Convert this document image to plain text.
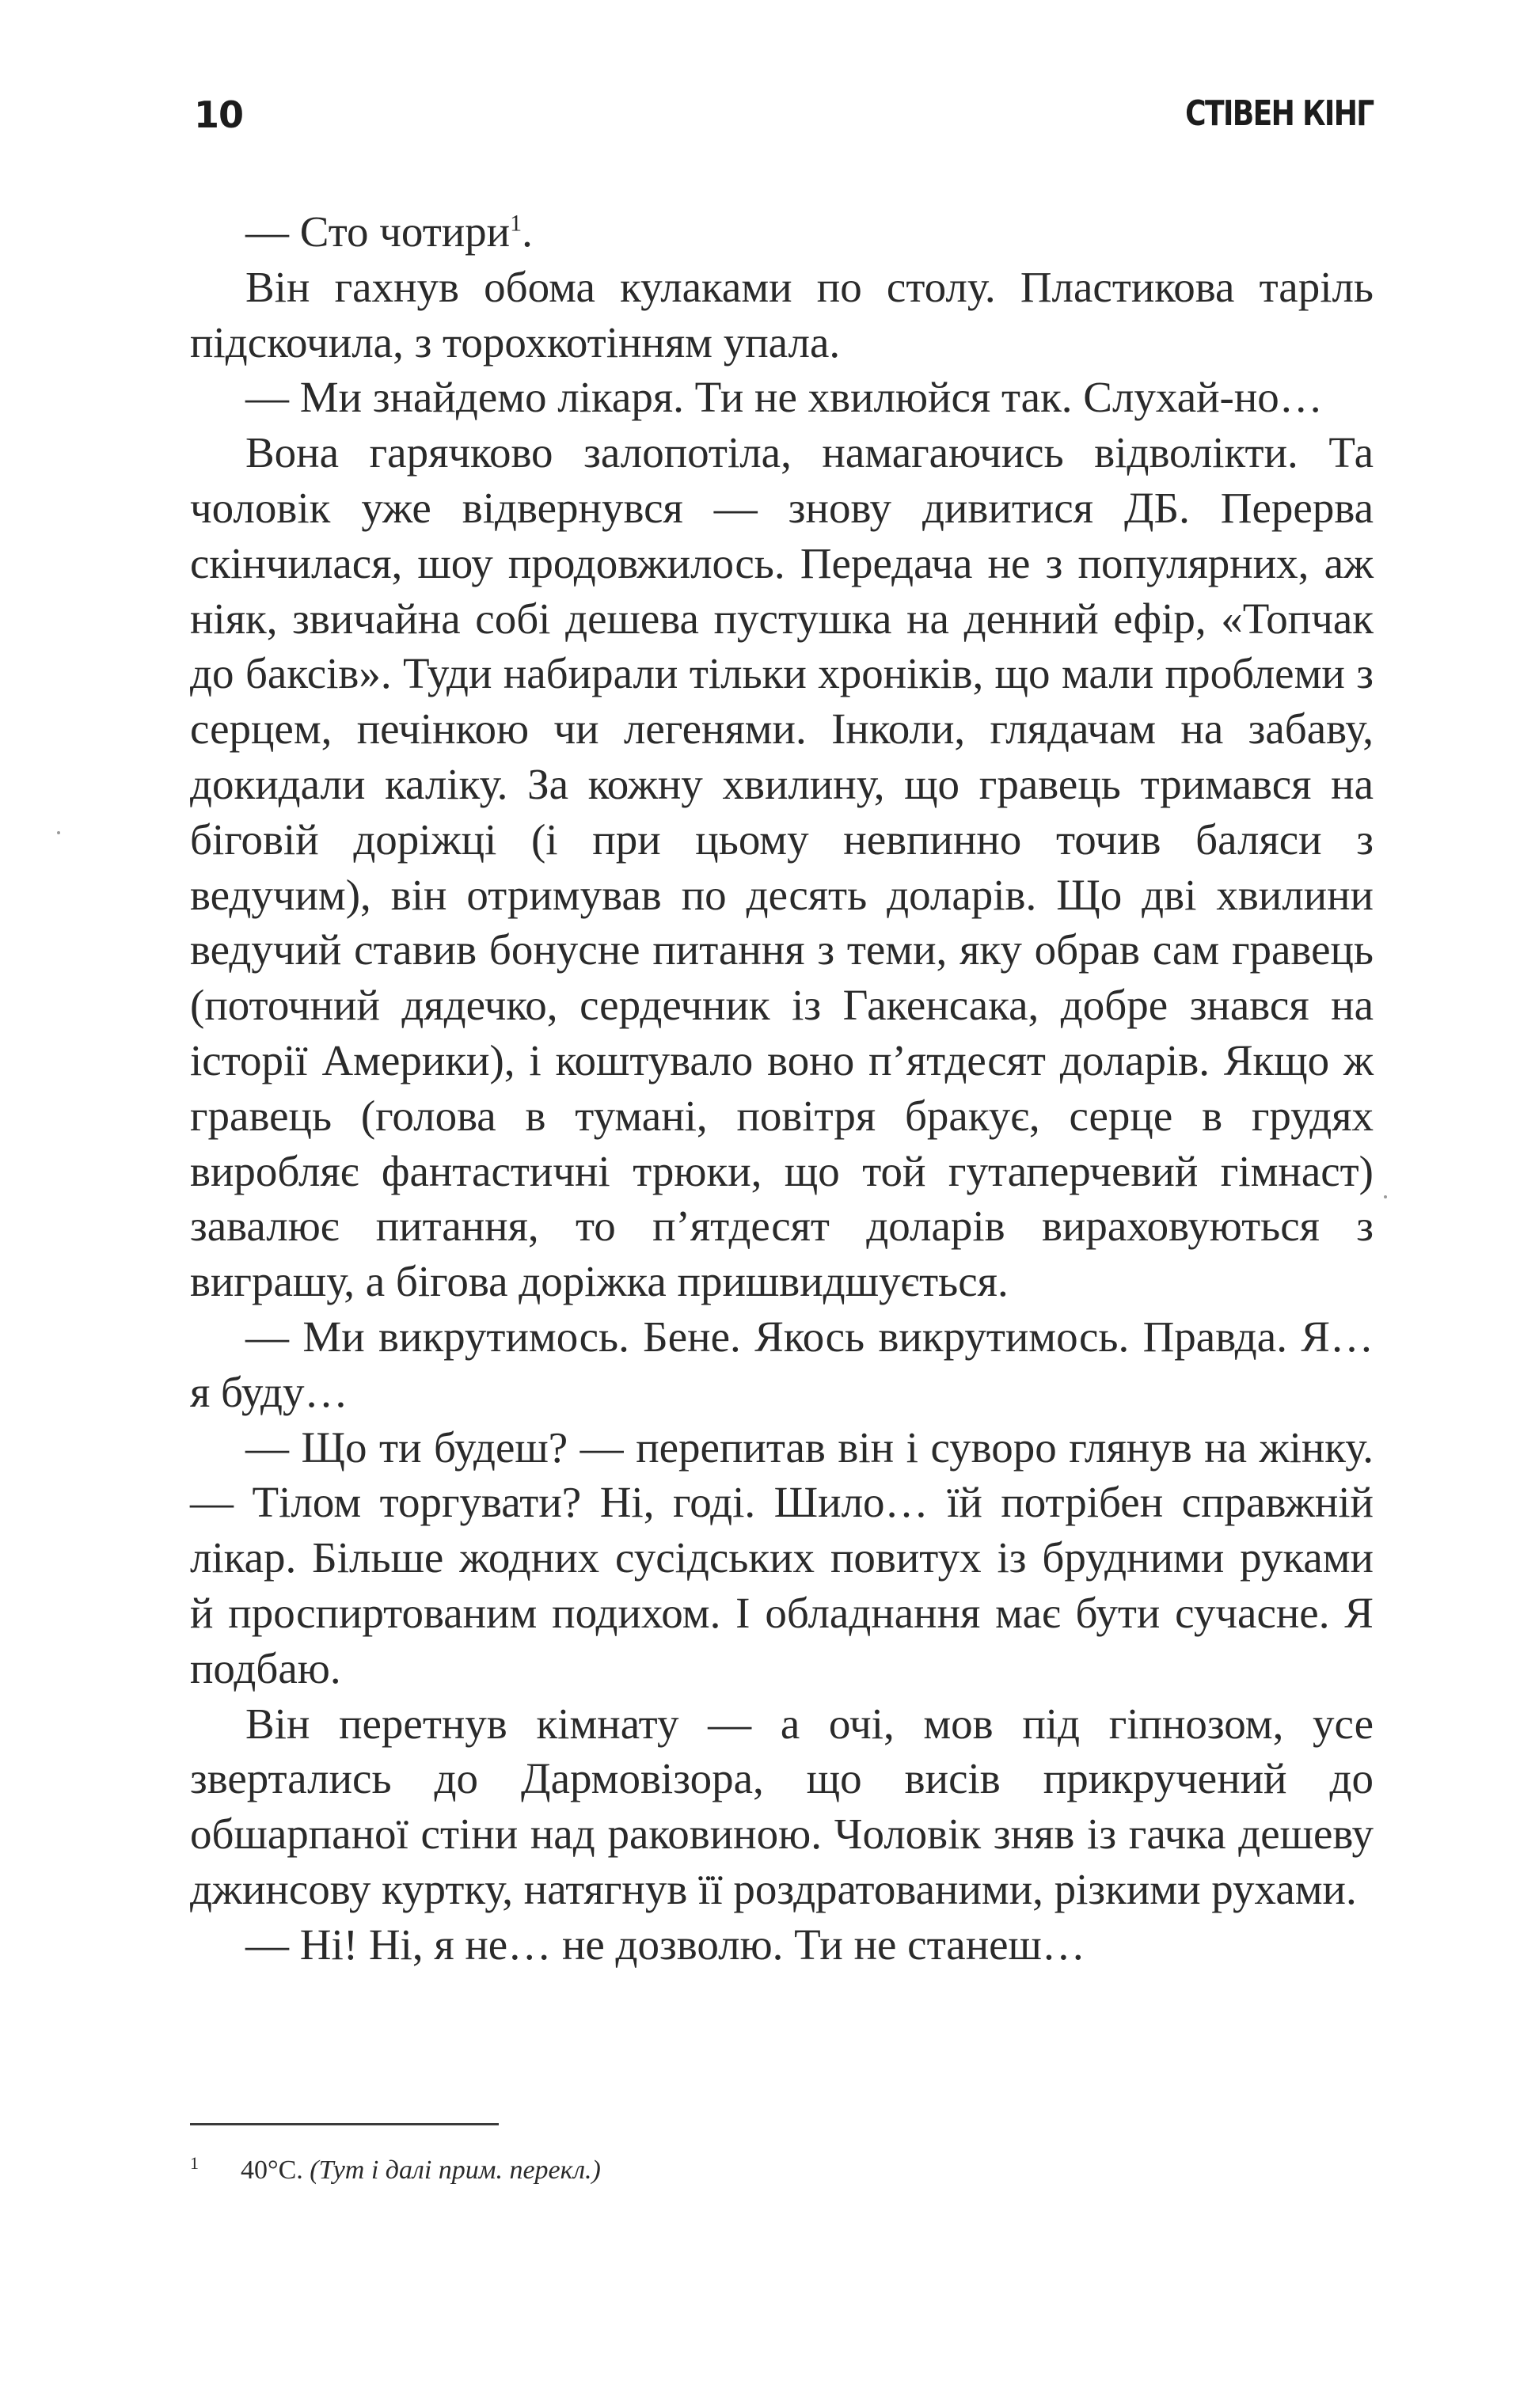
10	СТІВЕН КІНГ

— Сто чотири$^1$.

Він гахнув обома кулаками по столу. Пластикова таріль підскочила, з торохкотінням упала.

— Ми знайдемо лікаря. Ти не хвилюйся так. Слухай-но…

Вона гарячково залопотіла, намагаючись відволікти. Та чоловік уже відвернувся — знову дивитися ДБ. Перерва скінчилася, шоу продовжилось. Передача не з популярних, аж ніяк, звичайна собі дешева пустушка на денний ефір, «Топчак до баксів». Туди набирали тільки хроніків, що мали проблеми з серцем, печінкою чи легенями. Інколи, глядачам на забаву, докидали каліку. За кожну хвилину, що гравець тримався на біговій доріжці (і при цьому невпинно точив баляси з ведучим), він отримував по десять доларів. Що дві хвилини ведучий ставив бонусне питання з теми, яку обрав сам гравець (поточний дядечко, сердечник із Гакенсака, добре знався на історії Америки), і коштувало воно п’ятдесят доларів. Якщо ж гравець (голова в тумані, повітря бракує, серце в грудях виробляє фантастичні трюки, що той гутаперчевий гімнаст) завалює питання, то п’ятдесят доларів вираховуються з виграшу, а бігова доріжка пришвидшується.

— Ми викрутимось. Бене. Якось викрутимось. Правда. Я… я буду…

— Що ти будеш? — перепитав він і суворо глянув на жінку. — Тілом торгувати? Ні, годі. Шило… їй потрібен справжній лікар. Більше жодних сусідських повитух із брудними руками й проспиртованим подихом. І обладнання має бути сучасне. Я подбаю.

Він перетнув кімнату — а очі, мов під гіпнозом, усе звертались до Дармовізора, що висів прикручений до обшарпаної стіни над раковиною. Чоловік зняв із гачка дешеву джинсову куртку, натягнув її роздратованими, різкими рухами.

— Ні! Ні, я не… не дозволю. Ти не станеш…

1 40°С. (Тут і далі прим. перекл.)
